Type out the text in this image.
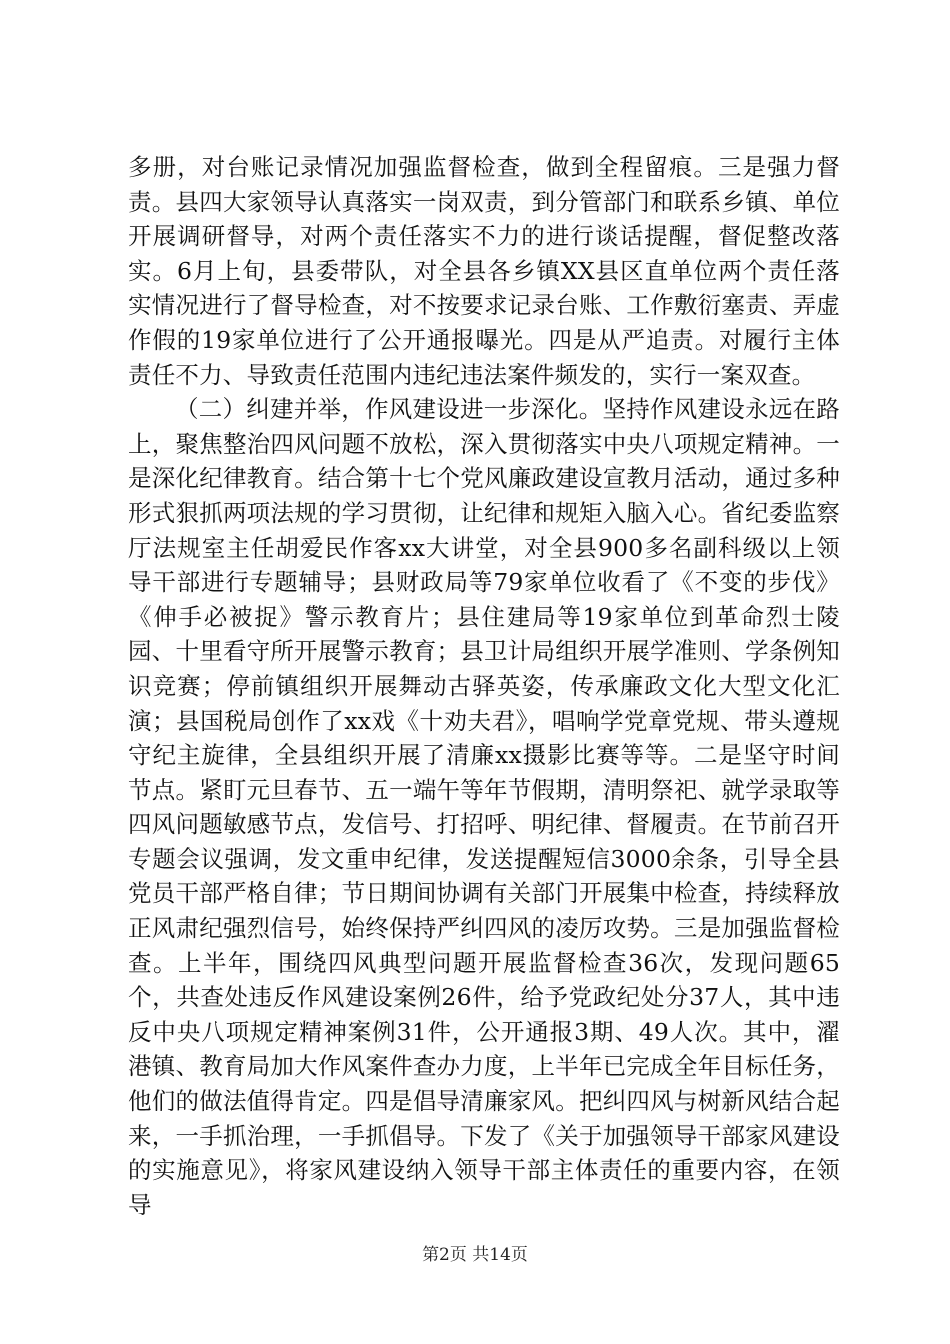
多册，对台账记录情况加强监督检查，做到全程留痕。三是强力督责。县四大家领导认真落实一岗双责，到分管部门和联系乡镇、单位开展调研督导，对两个责任落实不力的进行谈话提醒，督促整改落实。6月上旬，县委带队，对全县各乡镇XX县区直单位两个责任落实情况进行了督导检查，对不按要求记录台账、工作敷衍塞责、弄虚作假的19家单位进行了公开通报曝光。四是从严追责。对履行主体责任不力、导致责任范围内违纪违法案件频发的，实行一案双查。

（二）纠建并举，作风建设进一步深化。坚持作风建设永远在路上，聚焦整治四风问题不放松，深入贯彻落实中央八项规定精神。一是深化纪律教育。结合第十七个党风廉政建设宣教月活动，通过多种形式狠抓两项法规的学习贯彻，让纪律和规矩入脑入心。省纪委监察厅法规室主任胡爱民作客xx大讲堂，对全县900多名副科级以上领导干部进行专题辅导；县财政局等79家单位收看了《不变的步伐》《伸手必被捉》警示教育片；县住建局等19家单位到革命烈士陵园、十里看守所开展警示教育；县卫计局组织开展学准则、学条例知识竞赛；停前镇组织开展舞动古驿英姿，传承廉政文化大型文化汇演；县国税局创作了xx戏《十劝夫君》，唱响学党章党规、带头遵规守纪主旋律，全县组织开展了清廉xx摄影比赛等等。二是坚守时间节点。紧盯元旦春节、五一端午等年节假期，清明祭祀、就学录取等四风问题敏感节点，发信号、打招呼、明纪律、督履责。在节前召开专题会议强调，发文重申纪律，发送提醒短信3000余条，引导全县党员干部严格自律；节日期间协调有关部门开展集中检查，持续释放正风肃纪强烈信号，始终保持严纠四风的凌厉攻势。三是加强监督检查。上半年，围绕四风典型问题开展监督检查36次，发现问题65个，共查处违反作风建设案例26件，给予党政纪处分37人，其中违反中央八项规定精神案例31件，公开通报3期、49人次。其中，濯港镇、教育局加大作风案件查办力度，上半年已完成全年目标任务，他们的做法值得肯定。四是倡导清廉家风。把纠四风与树新风结合起来，一手抓治理，一手抓倡导。下发了《关于加强领导干部家风建设的实施意见》，将家风建设纳入领导干部主体责任的重要内容，在领导

第2页 共14页
